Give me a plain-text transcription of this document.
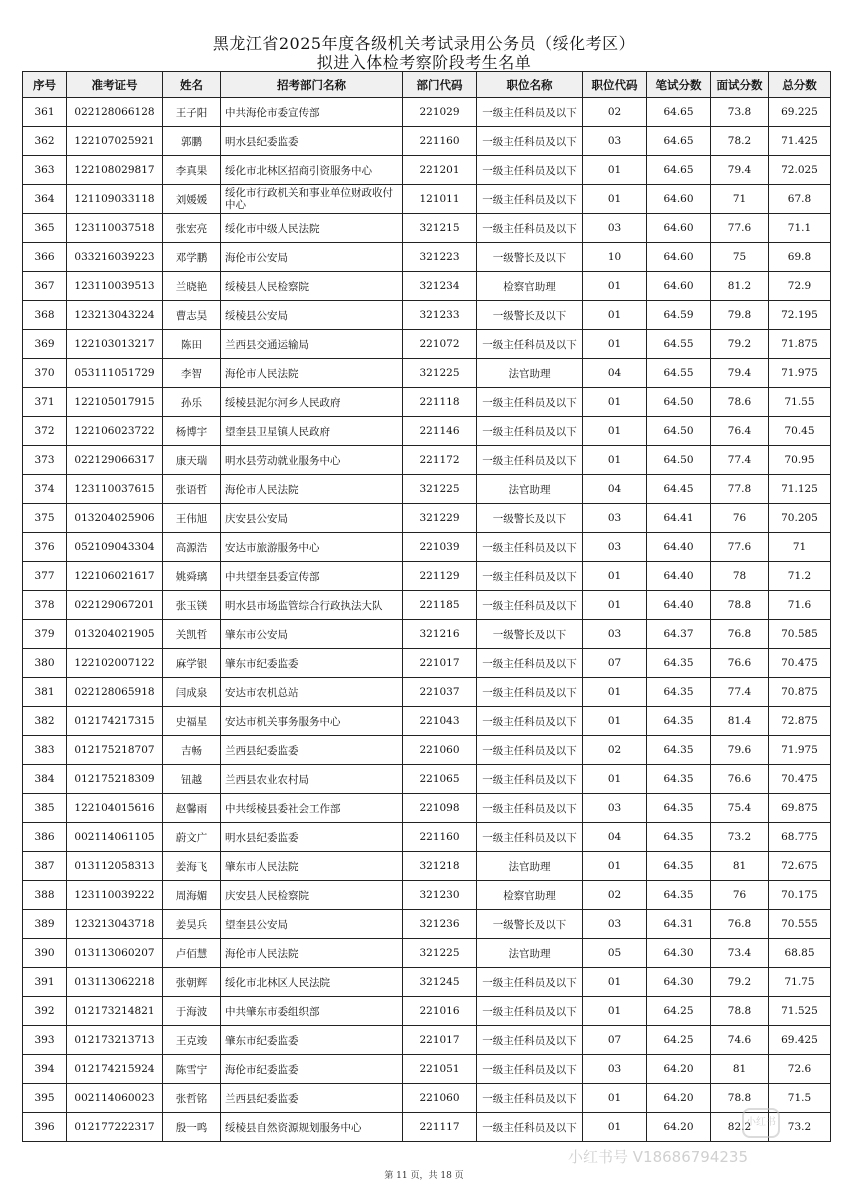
黑龙江省2025年度各级机关考试录用公务员（绥化考区）
拟进入体检考察阶段考生名单
序号	准考证号	姓名	招考部门名称	部门代码	职位名称	职位代码	笔试分数	面试分数	总分数
361	022128066128	王子阳	中共海伦市委宣传部	221029	一级主任科员及以下	02	64.65	73.8	69.225
362	122107025921	郭鹏	明水县纪委监委	221160	一级主任科员及以下	03	64.65	78.2	71.425
363	122108029817	李真果	绥化市北林区招商引资服务中心	221201	一级主任科员及以下	01	64.65	79.4	72.025
364	121109033118	刘媛媛	绥化市行政机关和事业单位财政收付中心	121011	一级主任科员及以下	01	64.60	71	67.8
365	123110037518	张宏亮	绥化市中级人民法院	321215	一级主任科员及以下	03	64.60	77.6	71.1
366	033216039223	邓学鹏	海伦市公安局	321223	一级警长及以下	10	64.60	75	69.8
367	123110039513	兰晓艳	绥棱县人民检察院	321234	检察官助理	01	64.60	81.2	72.9
368	123213043224	曹志昊	绥棱县公安局	321233	一级警长及以下	01	64.59	79.8	72.195
369	122103013217	陈田	兰西县交通运输局	221072	一级主任科员及以下	01	64.55	79.2	71.875
370	053111051729	李智	海伦市人民法院	321225	法官助理	04	64.55	79.4	71.975
371	122105017915	孙乐	绥棱县泥尔河乡人民政府	221118	一级主任科员及以下	01	64.50	78.6	71.55
372	122106023722	杨博宇	望奎县卫星镇人民政府	221146	一级主任科员及以下	01	64.50	76.4	70.45
373	022129066317	康天瑞	明水县劳动就业服务中心	221172	一级主任科员及以下	01	64.50	77.4	70.95
374	123110037615	张语哲	海伦市人民法院	321225	法官助理	04	64.45	77.8	71.125
375	013204025906	王伟旭	庆安县公安局	321229	一级警长及以下	03	64.41	76	70.205
376	052109043304	高源浩	安达市旅游服务中心	221039	一级主任科员及以下	03	64.40	77.6	71
377	122106021617	姚舜璃	中共望奎县委宣传部	221129	一级主任科员及以下	01	64.40	78	71.2
378	022129067201	张玉镁	明水县市场监管综合行政执法大队	221185	一级主任科员及以下	01	64.40	78.8	71.6
379	013204021905	关凯哲	肇东市公安局	321216	一级警长及以下	03	64.37	76.8	70.585
380	122102007122	麻学银	肇东市纪委监委	221017	一级主任科员及以下	07	64.35	76.6	70.475
381	022128065918	闫成泉	安达市农机总站	221037	一级主任科员及以下	01	64.35	77.4	70.875
382	012174217315	史福星	安达市机关事务服务中心	221043	一级主任科员及以下	01	64.35	81.4	72.875
383	012175218707	吉畅	兰西县纪委监委	221060	一级主任科员及以下	02	64.35	79.6	71.975
384	012175218309	钮越	兰西县农业农村局	221065	一级主任科员及以下	01	64.35	76.6	70.475
385	122104015616	赵馨雨	中共绥棱县委社会工作部	221098	一级主任科员及以下	03	64.35	75.4	69.875
386	002114061105	蔚文广	明水县纪委监委	221160	一级主任科员及以下	04	64.35	73.2	68.775
387	013112058313	姜海飞	肇东市人民法院	321218	法官助理	01	64.35	81	72.675
388	123110039222	周海媚	庆安县人民检察院	321230	检察官助理	02	64.35	76	70.175
389	123213043718	姜昊兵	望奎县公安局	321236	一级警长及以下	03	64.31	76.8	70.555
390	013113060207	卢佰慧	海伦市人民法院	321225	法官助理	05	64.30	73.4	68.85
391	013113062218	张朝辉	绥化市北林区人民法院	321245	一级主任科员及以下	01	64.30	79.2	71.75
392	012173214821	于海波	中共肇东市委组织部	221016	一级主任科员及以下	01	64.25	78.8	71.525
393	012173213713	王克竣	肇东市纪委监委	221017	一级主任科员及以下	07	64.25	74.6	69.425
394	012174215924	陈雪宁	海伦市纪委监委	221051	一级主任科员及以下	03	64.20	81	72.6
395	002114060023	张哲铭	兰西县纪委监委	221060	一级主任科员及以下	01	64.20	78.8	71.5
396	012177222317	殷一鸣	绥棱县自然资源规划服务中心	221117	一级主任科员及以下	01	64.20	82.2	73.2
小红书
小红书号 V18686794235
第 11 页，共 18 页
